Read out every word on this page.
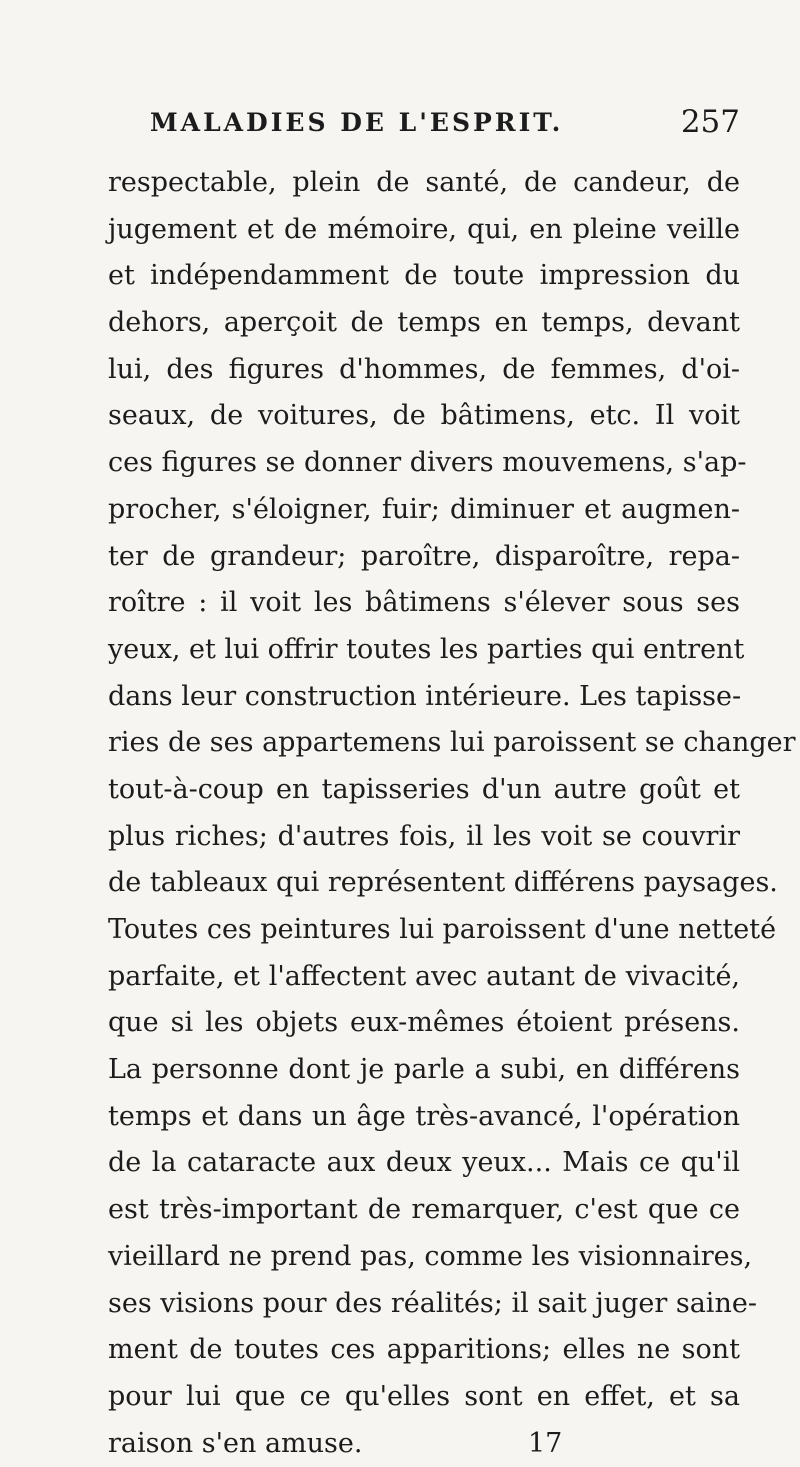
MALADIES DE L'ESPRIT.	257
respectable, plein de santé, de candeur, de
jugement et de mémoire, qui, en pleine veille
et indépendamment de toute impression du
dehors, aperçoit de temps en temps, devant
lui, des figures d'hommes, de femmes, d'oi-
seaux, de voitures, de bâtimens, etc. Il voit
ces figures se donner divers mouvemens, s'ap-
procher, s'éloigner, fuir; diminuer et augmen-
ter de grandeur; paroître, disparoître, repa-
roître : il voit les bâtimens s'élever sous ses
yeux, et lui offrir toutes les parties qui entrent
dans leur construction intérieure. Les tapisse-
ries de ses appartemens lui paroissent se changer
tout-à-coup en tapisseries d'un autre goût et
plus riches; d'autres fois, il les voit se couvrir
de tableaux qui représentent différens paysages.
Toutes ces peintures lui paroissent d'une netteté
parfaite, et l'affectent avec autant de vivacité,
que si les objets eux-mêmes étoient présens.
La personne dont je parle a subi, en différens
temps et dans un âge très-avancé, l'opération
de la cataracte aux deux yeux... Mais ce qu'il
est très-important de remarquer, c'est que ce
vieillard ne prend pas, comme les visionnaires,
ses visions pour des réalités; il sait juger saine-
ment de toutes ces apparitions; elles ne sont
pour lui que ce qu'elles sont en effet, et sa
raison s'en amuse.	17
